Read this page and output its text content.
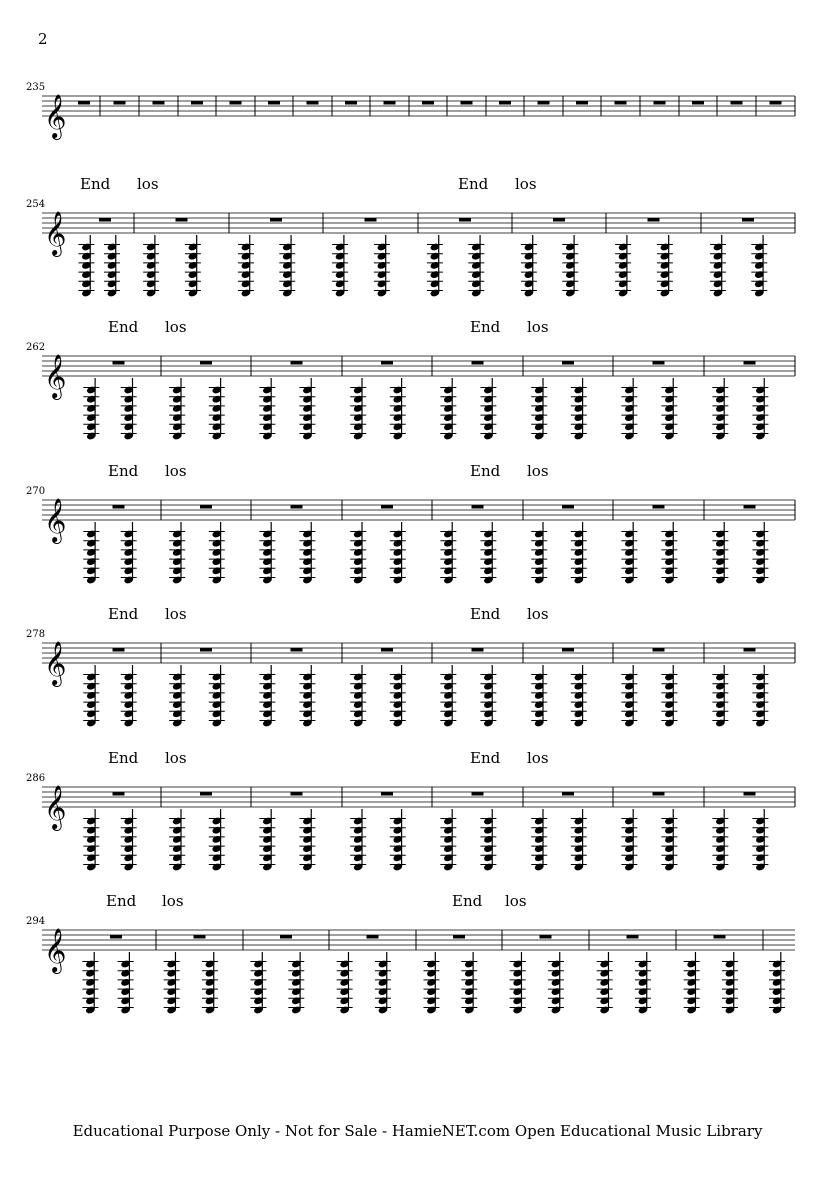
2
235
𝄞
254
𝄞
End los	End los
262
𝄞
End los	End los
270
𝄞
End los	End los
278
𝄞
End los	End los
286
𝄞
End los	End los
294
𝄞
End los	End los
Educational Purpose Only - Not for Sale - HamieNET.com Open Educational Music Library
